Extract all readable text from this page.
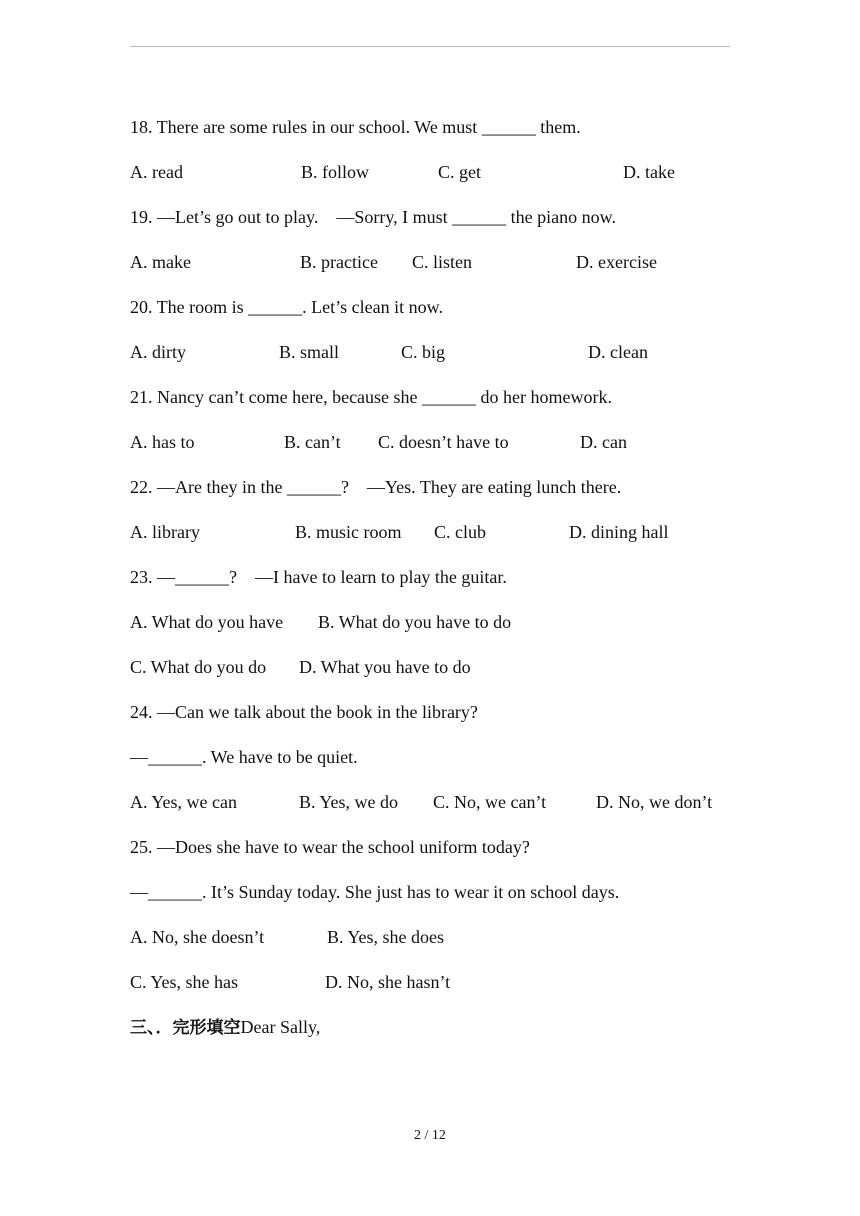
18. There are some rules in our school. We must ______ them.

A. read

	B. follow

	C. get

	D. take

19. —Let’s go out to play.    —Sorry, I must ______ the piano now.

A. make

	B. practice

C. listen

	D. exercise

20. The room is ______. Let’s clean it now.

A. dirty

	B. small

	C. big

	D. clean

21. Nancy can’t come here, because she ______ do her homework.

A. has to

	B. can’t

C. doesn’t have to

	D. can

22. —Are they in the ______?    —Yes. They are eating lunch there.

A. library

	B. music room

C. club

	D. dining hall

23. —______?    —I have to learn to play the guitar.

A. What do you have

B. What do you have to do

C. What do you do

D. What you have to do

24. —Can we talk about the book in the library?
—______. We have to be quiet.

A. Yes, we can

	B. Yes, we do

C. No, we can’t

	D. No, we don’t

25. —Does she have to wear the school uniform today?
—______. It’s Sunday today. She just has to wear it on school days.

A. No, she doesn’t

	B. Yes, she does

C. Yes, she has

	D. No, she hasn’t

三、．完形填空Dear Sally,
2 / 12
